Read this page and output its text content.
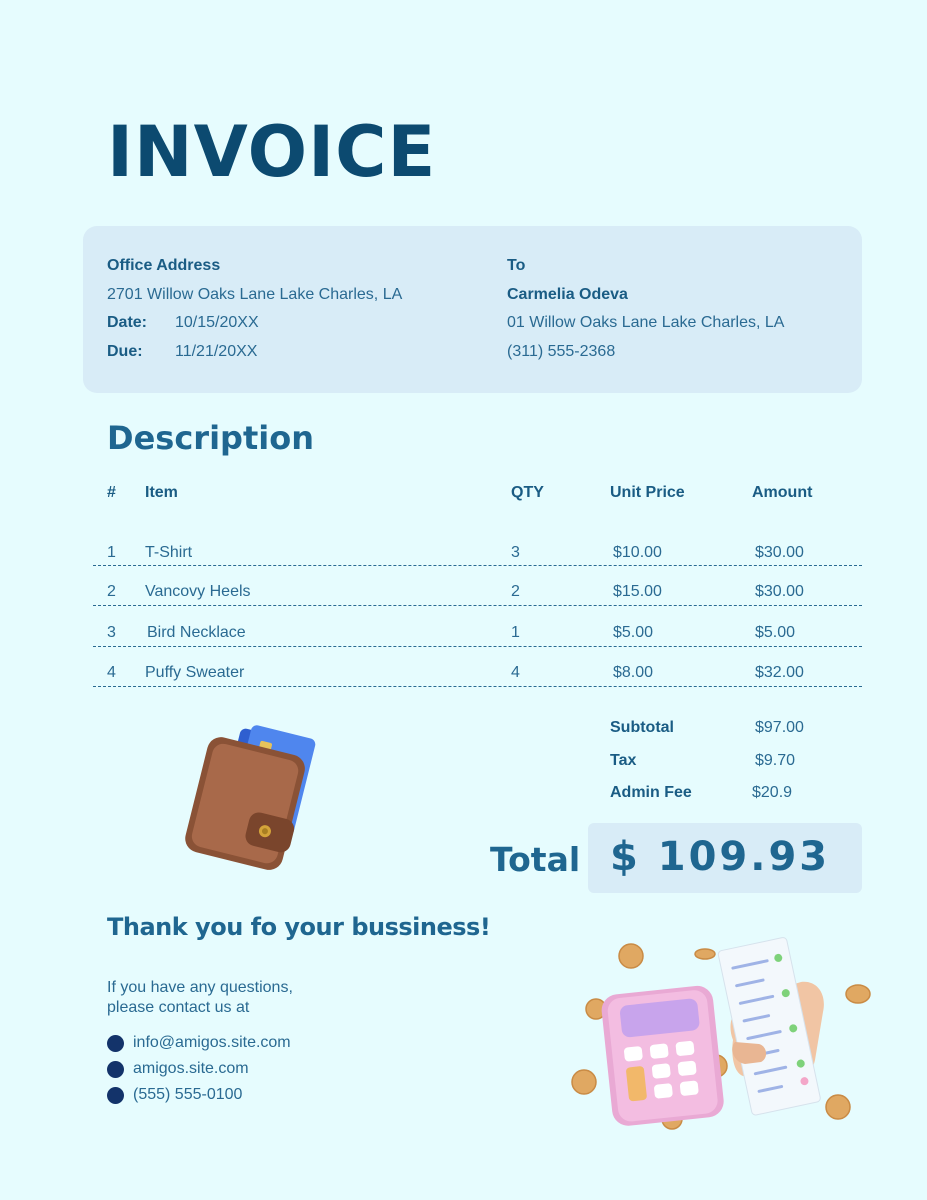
INVOICE
Office Address
2701 Willow Oaks Lane Lake Charles, LA
Date: 10/15/20XX
Due: 11/21/20XX
To
Carmelia Odeva
01 Willow Oaks Lane Lake Charles, LA
(311) 555-2368
Description
# Item	QTY	Unit Price	Amount
1 T-Shirt	3	$10.00	$30.00
2 Vancovy Heels	2	$15.00	$30.00
3 Bird Necklace	1	$5.00	$5.00
4 Puffy Sweater	4	$8.00	$32.00
Subtotal	$97.00
Tax	$9.70
Admin Fee	$20.9
Total $ 109.93
Thank you fo your bussiness!
If you have any questions,
please contact us at
info@amigos.site.com
amigos.site.com
(555) 555-0100
